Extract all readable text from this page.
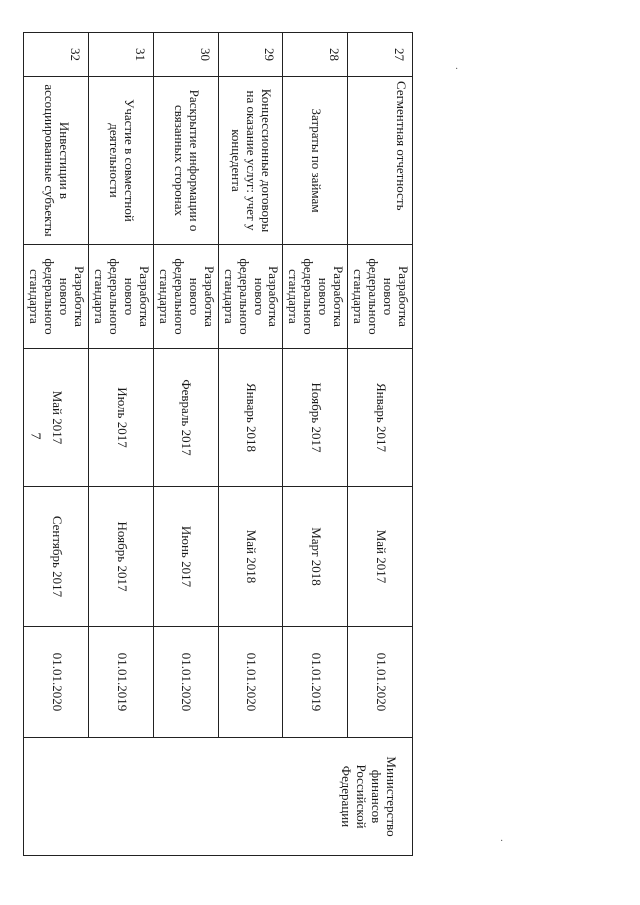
7
27	Сегментная отчетность	Разработка нового федерального стандарта	Январь 2017	Май 2017	01.01.2020	Министерство финансов Российской Федерации
28	Затраты по займам	Разработка нового федерального стандарта	Ноябрь 2017	Март 2018	01.01.2019	
29	Концессионные договоры на оказание услуг: учет у концедента	Разработка нового федерального стандарта	Январь 2018	Май 2018	01.01.2020	
30	Раскрытие информации о связанных сторонах	Разработка нового федерального стандарта	Февраль 2017	Июнь 2017	01.01.2020	
31	Участие в совместной деятельности	Разработка нового федерального стандарта	Июль 2017	Ноябрь 2017	01.01.2019	
32	Инвестиции в ассоциированные субъекты	Разработка нового федерального стандарта	Май 2017	Сентябрь 2017	01.01.2020	
·
·
